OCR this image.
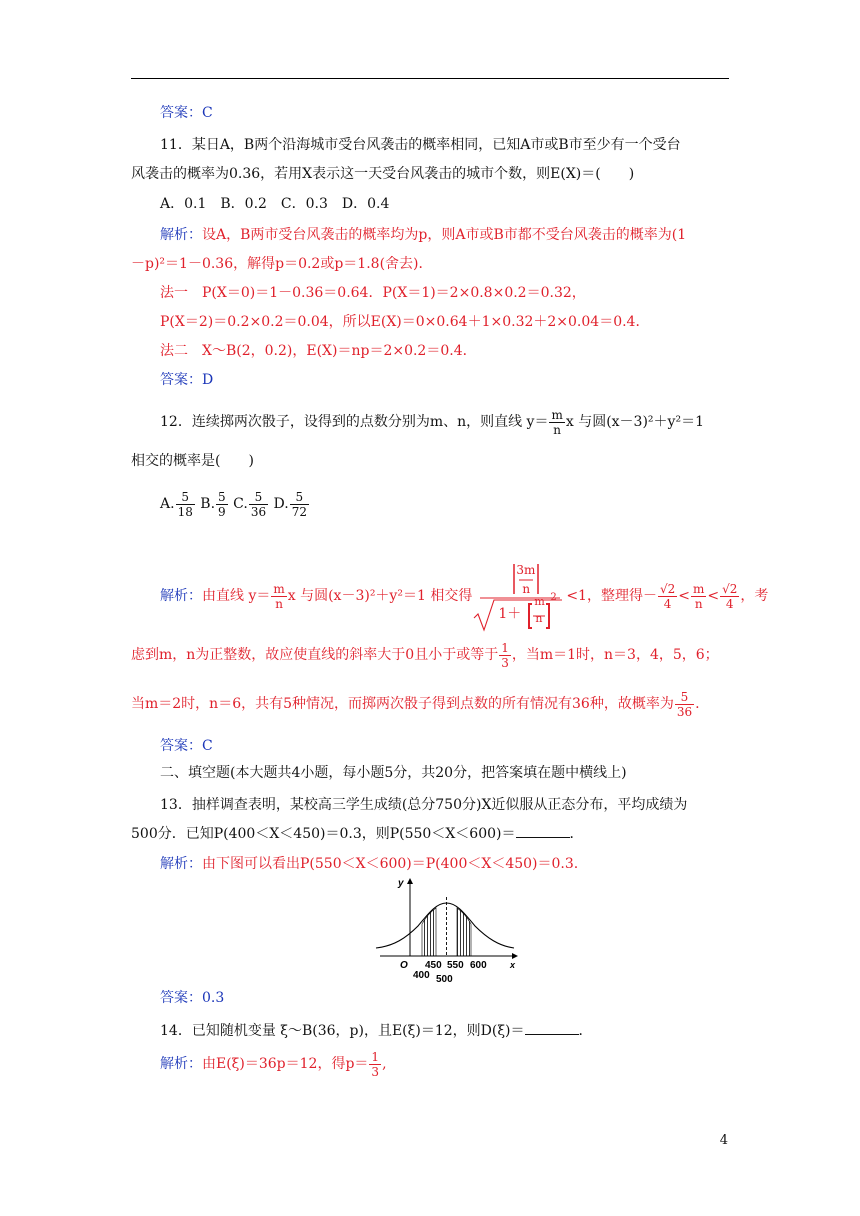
答案：C
11．某日A，B两个沿海城市受台风袭击的概率相同，已知A市或B市至少有一个受台
风袭击的概率为0.36，若用X表示这一天受台风袭击的城市个数，则E(X)＝(　　)
A．0.1　B．0.2　C．0.3　D．0.4
解析：设A，B两市受台风袭击的概率均为p，则A市或B市都不受台风袭击的概率为(1
－p)²＝1－0.36，解得p＝0.2或p＝1.8(舍去)．
法一　P(X＝0)＝1－0.36＝0.64．P(X＝1)＝2×0.8×0.2＝0.32，
P(X＝2)＝0.2×0.2＝0.04，所以E(X)＝0×0.64＋1×0.32＋2×0.04＝0.4．
法二　X～B(2，0.2)，E(X)＝np＝2×0.2＝0.4．
答案：D
12．连续掷两次骰子，设得到的点数分别为m、n，则直线 $y= \frac{m}{n}$ x 与圆(x－3)²＋y²＝1
相交的概率是(　　)
A. $\frac{5}{18} B$. $\frac{5}{9} C$. $\frac{5}{36} D$. $\frac{5}{72}$
解析：由直线 $y= \frac{m}{n}$ x 与圆(x－3)²＋y²＝1 相交得
3m
n
1＋
m
n
2 <1，整理得－ $\frac{√2}{4} < \frac{m}{n} < \frac{√2}{4}$ ，考
虑到m，n为正整数，故应使直线的斜率大于0且小于或等于 $\frac{1}{3}$ ，当m＝1时，n＝3，4，5，6；
当m＝2时，n＝6，共有5种情况，而掷两次骰子得到点数的所有情况有36种，故概率为 $\frac{5}{36}$ .
答案：C
二、填空题(本大题共4小题，每小题5分，共20分，把答案填在题中横线上)
13．抽样调查表明，某校高三学生成绩(总分750分)X近似服从正态分布，平均成绩为
500分．已知P(400＜X＜450)＝0.3，则P(550＜X＜600)＝	．
解析：由下图可以看出P(550＜X＜600)＝P(400＜X＜450)＝0.3.
y
x
O 450 550 600
400 500
答案：0.3
14．已知随机变量 ξ～B(36，p)，且E(ξ)＝12，则D(ξ)＝	．
解析：由E(ξ)＝36p＝12，得$p= \frac{1}{3}$ ,
4
